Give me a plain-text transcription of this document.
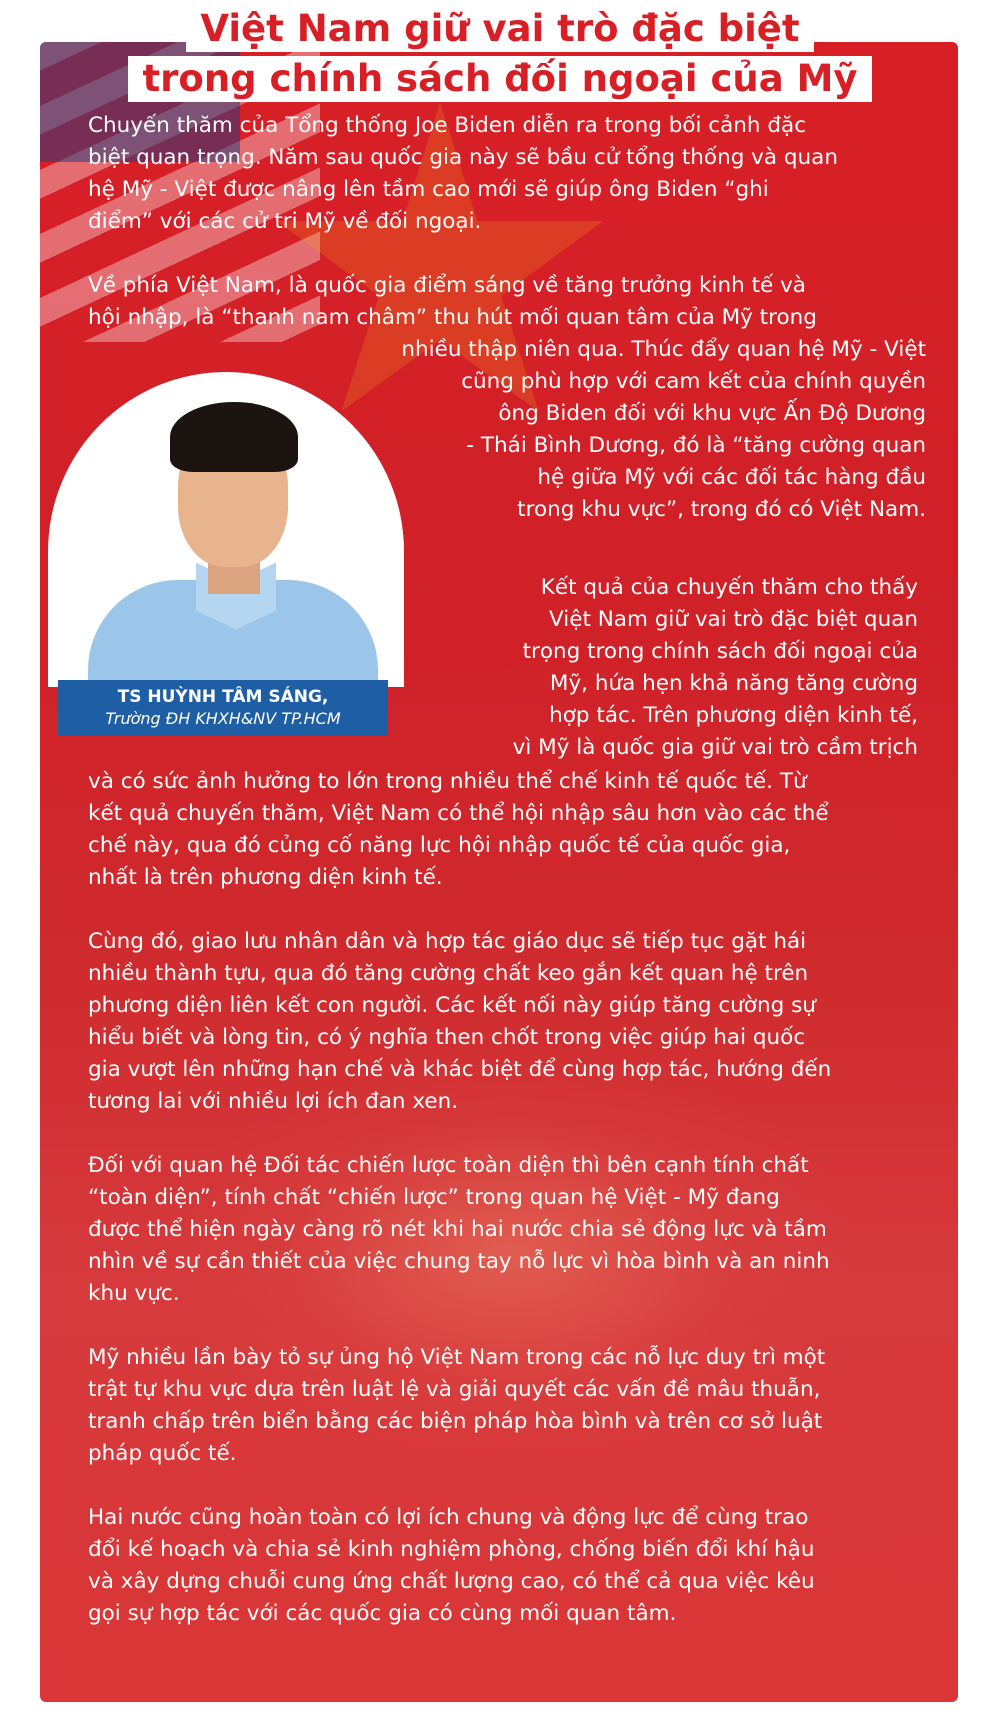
Việt Nam giữ vai trò đặc biệt
trong chính sách đối ngoại của Mỹ
TS HUỲNH TÂM SÁNG,
Trường ĐH KHXH&NV TP.HCM
Chuyến thăm của Tổng thống Joe Biden diễn ra trong bối cảnh đặc
biệt quan trọng. Năm sau quốc gia này sẽ bầu cử tổng thống và quan
hệ Mỹ - Việt được nâng lên tầm cao mới sẽ giúp ông Biden “ghi
điểm” với các cử tri Mỹ về đối ngoại.
Về phía Việt Nam, là quốc gia điểm sáng về tăng trưởng kinh tế và
hội nhập, là “thanh nam châm” thu hút mối quan tâm của Mỹ trong
nhiều thập niên qua. Thúc đẩy quan hệ Mỹ - Việt
cũng phù hợp với cam kết của chính quyền
ông Biden đối với khu vực Ấn Độ Dương
- Thái Bình Dương, đó là “tăng cường quan
hệ giữa Mỹ với các đối tác hàng đầu
trong khu vực”, trong đó có Việt Nam.
Kết quả của chuyến thăm cho thấy
Việt Nam giữ vai trò đặc biệt quan
trọng trong chính sách đối ngoại của
Mỹ, hứa hẹn khả năng tăng cường
hợp tác. Trên phương diện kinh tế,
vì Mỹ là quốc gia giữ vai trò cầm trịch
và có sức ảnh hưởng to lớn trong nhiều thể chế kinh tế quốc tế. Từ
kết quả chuyến thăm, Việt Nam có thể hội nhập sâu hơn vào các thể
chế này, qua đó củng cố năng lực hội nhập quốc tế của quốc gia,
nhất là trên phương diện kinh tế.
Cùng đó, giao lưu nhân dân và hợp tác giáo dục sẽ tiếp tục gặt hái
nhiều thành tựu, qua đó tăng cường chất keo gắn kết quan hệ trên
phương diện liên kết con người. Các kết nối này giúp tăng cường sự
hiểu biết và lòng tin, có ý nghĩa then chốt trong việc giúp hai quốc
gia vượt lên những hạn chế và khác biệt để cùng hợp tác, hướng đến
tương lai với nhiều lợi ích đan xen.
Đối với quan hệ Đối tác chiến lược toàn diện thì bên cạnh tính chất
“toàn diện”, tính chất “chiến lược” trong quan hệ Việt - Mỹ đang
được thể hiện ngày càng rõ nét khi hai nước chia sẻ động lực và tầm
nhìn về sự cần thiết của việc chung tay nỗ lực vì hòa bình và an ninh
khu vực.
Mỹ nhiều lần bày tỏ sự ủng hộ Việt Nam trong các nỗ lực duy trì một
trật tự khu vực dựa trên luật lệ và giải quyết các vấn đề mâu thuẫn,
tranh chấp trên biển bằng các biện pháp hòa bình và trên cơ sở luật
pháp quốc tế.
Hai nước cũng hoàn toàn có lợi ích chung và động lực để cùng trao
đổi kế hoạch và chia sẻ kinh nghiệm phòng, chống biến đổi khí hậu
và xây dựng chuỗi cung ứng chất lượng cao, có thể cả qua việc kêu
gọi sự hợp tác với các quốc gia có cùng mối quan tâm.
